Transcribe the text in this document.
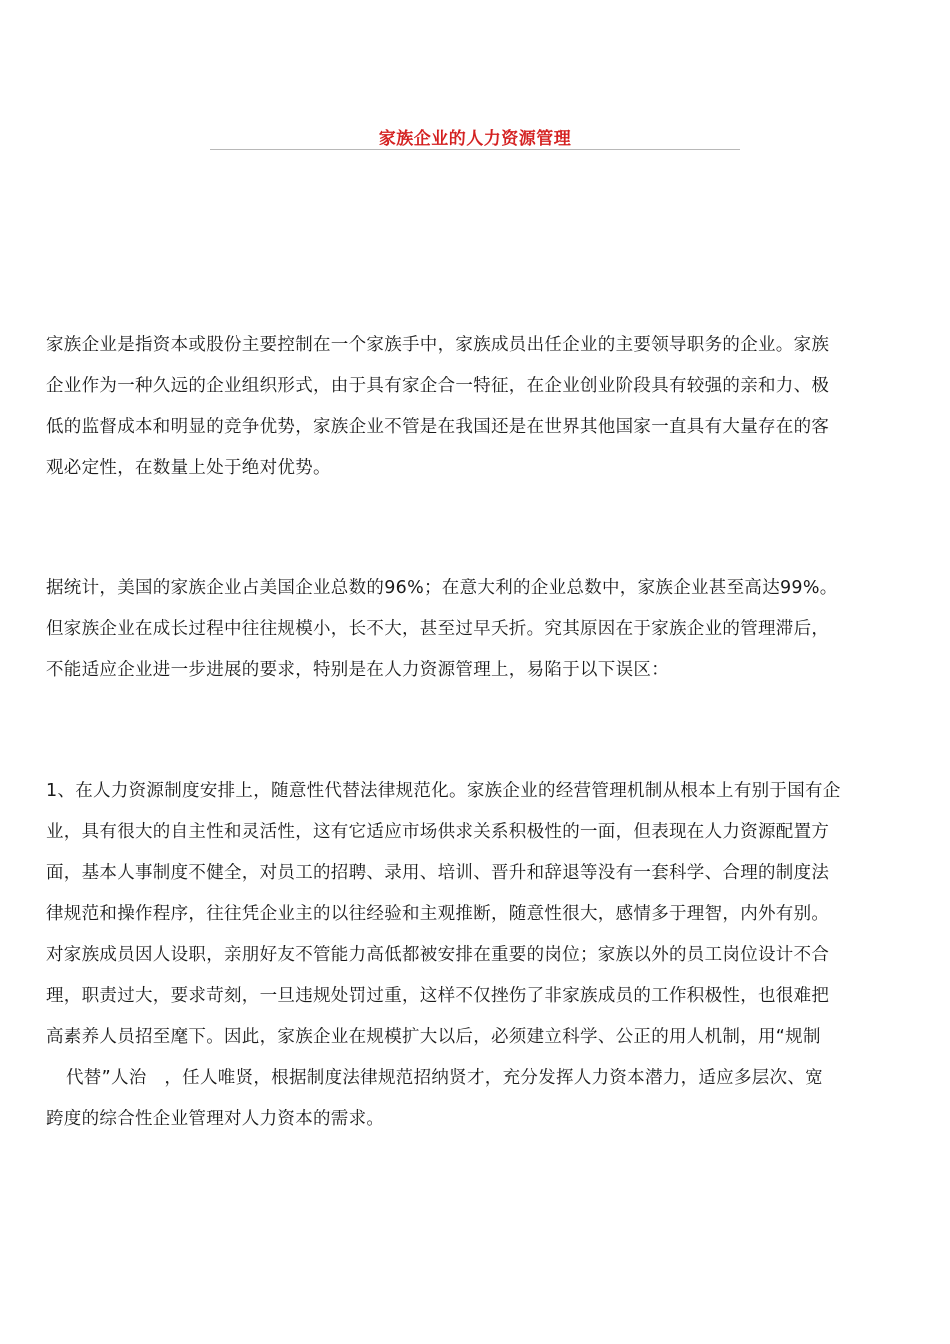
家族企业的人力资源管理

家族企业是指资本或股份主要控制在一个家族手中，家族成员出任企业的主要领导职务的企业。家族
企业作为一种久远的企业组织形式，由于具有家企合一特征，在企业创业阶段具有较强的亲和力、极
低的监督成本和明显的竞争优势，家族企业不管是在我国还是在世界其他国家一直具有大量存在的客
观必定性，在数量上处于绝对优势。

据统计，美国的家族企业占美国企业总数的96%；在意大利的企业总数中，家族企业甚至高达99%。
但家族企业在成长过程中往往规模小，长不大，甚至过早夭折。究其原因在于家族企业的管理滞后，
不能适应企业进一步进展的要求，特别是在人力资源管理上，易陷于以下误区：

1、在人力资源制度安排上，随意性代替法律规范化。家族企业的经营管理机制从根本上有别于国有企
业，具有很大的自主性和灵活性，这有它适应市场供求关系积极性的一面，但表现在人力资源配置方
面，基本人事制度不健全，对员工的招聘、录用、培训、晋升和辞退等没有一套科学、合理的制度法
律规范和操作程序，往往凭企业主的以往经验和主观推断，随意性很大，感情多于理智，内外有别。
对家族成员因人设职，亲朋好友不管能力高低都被安排在重要的岗位；家族以外的员工岗位设计不合
理，职责过大，要求苛刻，一旦违规处罚过重，这样不仅挫伤了非家族成员的工作积极性，也很难把
高素养人员招至麾下。因此，家族企业在规模扩大以后，必须建立科学、公正的用人机制，用“规制
代替”人治　，任人唯贤，根据制度法律规范招纳贤才，充分发挥人力资本潜力，适应多层次、宽
跨度的综合性企业管理对人力资本的需求。
